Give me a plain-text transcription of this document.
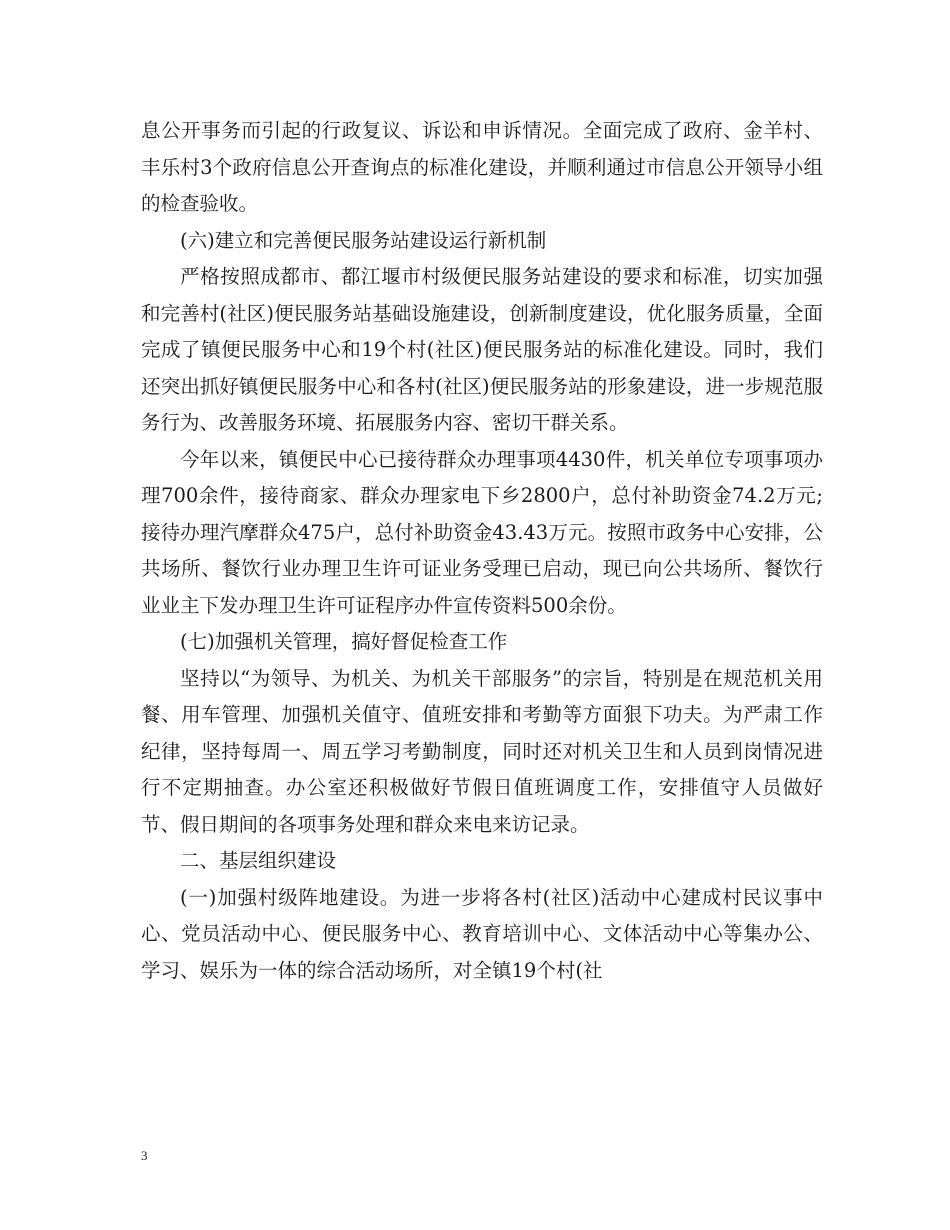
息公开事务而引起的行政复议、诉讼和申诉情况。全面完成了政府、金羊村、丰乐村3个政府信息公开查询点的标准化建设，并顺利通过市信息公开领导小组的检查验收。

(六)建立和完善便民服务站建设运行新机制

严格按照成都市、都江堰市村级便民服务站建设的要求和标准，切实加强和完善村(社区)便民服务站基础设施建设，创新制度建设，优化服务质量，全面完成了镇便民服务中心和19个村(社区)便民服务站的标准化建设。同时，我们还突出抓好镇便民服务中心和各村(社区)便民服务站的形象建设，进一步规范服务行为、改善服务环境、拓展服务内容、密切干群关系。

今年以来，镇便民中心已接待群众办理事项4430件，机关单位专项事项办理700余件，接待商家、群众办理家电下乡2800户，总付补助资金74.2万元;接待办理汽摩群众475户，总付补助资金43.43万元。按照市政务中心安排，公共场所、餐饮行业办理卫生许可证业务受理已启动，现已向公共场所、餐饮行业业主下发办理卫生许可证程序办件宣传资料500余份。

(七)加强机关管理，搞好督促检查工作

坚持以“为领导、为机关、为机关干部服务”的宗旨，特别是在规范机关用餐、用车管理、加强机关值守、值班安排和考勤等方面狠下功夫。为严肃工作纪律，坚持每周一、周五学习考勤制度，同时还对机关卫生和人员到岗情况进行不定期抽查。办公室还积极做好节假日值班调度工作，安排值守人员做好节、假日期间的各项事务处理和群众来电来访记录。

二、基层组织建设

(一)加强村级阵地建设。为进一步将各村(社区)活动中心建成村民议事中心、党员活动中心、便民服务中心、教育培训中心、文体活动中心等集办公、学习、娱乐为一体的综合活动场所，对全镇19个村(社

3
